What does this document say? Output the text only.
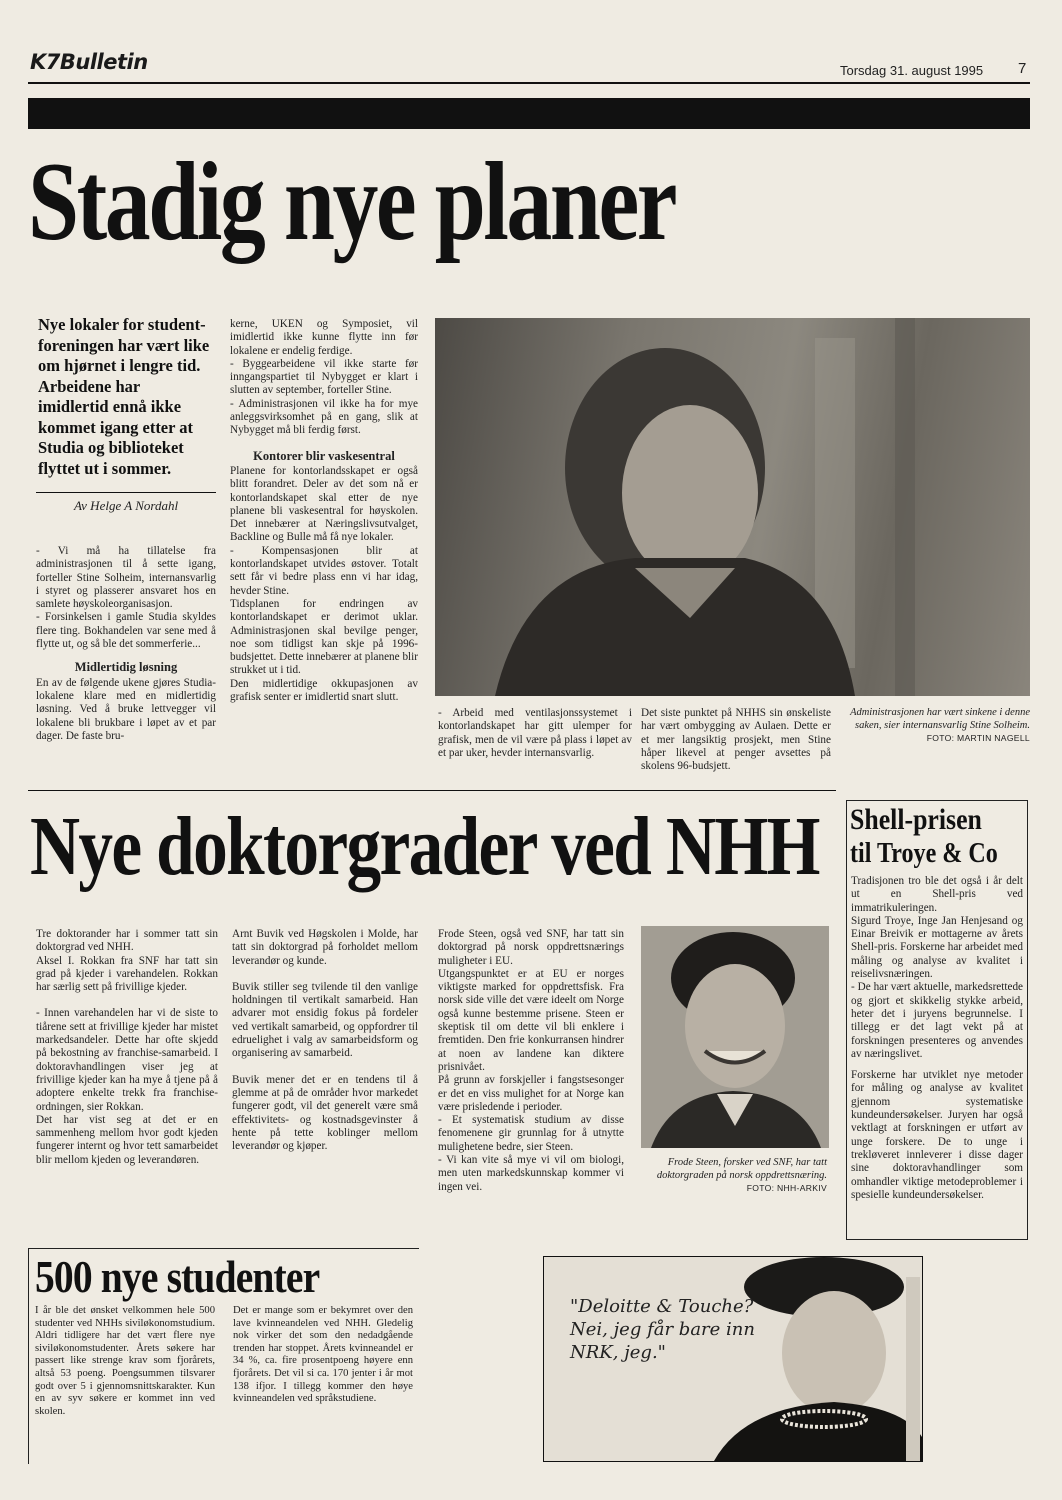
K7Bulletin	Torsdag 31. august 1995 7
Stadig nye planer
Nye lokaler for studentforeningen har vært like om hjørnet i lengre tid. Arbeidene har imidlertid ennå ikke kommet igang etter at Studia og biblioteket flyttet ut i sommer.
Av Helge A Nordahl

- Vi må ha tillatelse fra administrasjonen til å sette igang, forteller Stine Solheim, internansvarlig i styret og plasserer ansvaret hos en samlete høyskoleorganisasjon.

- Forsinkelsen i gamle Studia skyldes flere ting. Bokhandelen var sene med å flytte ut, og så ble det sommerferie...

Midlertidig løsning

En av de følgende ukene gjøres Studia-lokalene klare med en midlertidig løsning. Ved å bruke lettvegger vil lokalene bli brukbare i løpet av et par dager. De faste bru-

kerne, UKEN og Symposiet, vil imidlertid ikke kunne flytte inn før lokalene er endelig ferdige.

- Byggearbeidene vil ikke starte før inngangspartiet til Nybygget er klart i slutten av september, forteller Stine.

- Administrasjonen vil ikke ha for mye anleggsvirksomhet på en gang, slik at Nybygget må bli ferdig først.

Kontorer blir vaskesentral

Planene for kontorlandsskapet er også blitt forandret. Deler av det som nå er kontorlandskapet skal etter de nye planene bli vaskesentral for høyskolen. Det innebærer at Næringslivsutvalget, Backline og Bulle må få nye lokaler.

- Kompensasjonen blir at kontorlandskapet utvides østover. Totalt sett får vi bedre plass enn vi har idag, hevder Stine.

Tidsplanen for endringen av kontorlandskapet er derimot uklar. Administrasjonen skal bevilge penger, noe som tidligst kan skje på 1996-budsjettet. Dette innebærer at planene blir strukket ut i tid.

Den midlertidige okkupasjonen av grafisk senter er imidlertid snart slutt.

- Arbeid med ventilasjonssystemet i kontorlandskapet har gitt ulemper for grafisk, men de vil være på plass i løpet av et par uker, hevder internansvarlig.
Det siste punktet på NHHS sin ønskeliste har vært ombygging av Aulaen. Dette er et mer langsiktig prosjekt, men Stine håper likevel at penger avsettes på skolens 96-budsjett.
Administrasjonen har vært sinkene i denne saken, sier internansvarlig Stine Solheim.
FOTO: MARTIN NAGELL
Nye doktorgrader ved NHH

Tre doktorander har i sommer tatt sin doktorgrad ved NHH.

Aksel I. Rokkan fra SNF har tatt sin grad på kjeder i varehandelen. Rokkan har særlig sett på frivillige kjeder.

- Innen varehandelen har vi de siste to tiårene sett at frivillige kjeder har mistet markedsandeler. Dette har ofte skjedd på bekostning av franchise-samarbeid. I doktoravhandlingen viser jeg at frivillige kjeder kan ha mye å tjene på å adoptere enkelte trekk fra franchise-ordningen, sier Rokkan.

Det har vist seg at det er en sammenheng mellom hvor godt kjeden fungerer internt og hvor tett samarbeidet blir mellom kjeden og leverandøren.

Arnt Buvik ved Høgskolen i Molde, har tatt sin doktorgrad på forholdet mellom leverandør og kunde.

Buvik stiller seg tvilende til den vanlige holdningen til vertikalt samarbeid. Han advarer mot ensidig fokus på fordeler ved vertikalt samarbeid, og oppfordrer til edruelighet i valg av samarbeidsform og organisering av samarbeid.

Buvik mener det er en tendens til å glemme at på de områder hvor markedet fungerer godt, vil det generelt være små effektivitets- og kostnadsgevinster å hente på tette koblinger mellom leverandør og kjøper.

Frode Steen, også ved SNF, har tatt sin doktorgrad på norsk oppdrettsnærings muligheter i EU.

Utgangspunktet er at EU er norges viktigste marked for oppdrettsfisk. Fra norsk side ville det være ideelt om Norge også kunne bestemme prisene. Steen er skeptisk til om dette vil bli enklere i fremtiden. Den frie konkurransen hindrer at noen av landene kan diktere prisnivået.

På grunn av forskjeller i fangstsesonger er det en viss mulighet for at Norge kan være prisledende i perioder.

- Et systematisk studium av disse fenomenene gir grunnlag for å utnytte mulighetene bedre, sier Steen.

- Vi kan vite så mye vi vil om biologi, men uten markedskunnskap kommer vi ingen vei.

Frode Steen, forsker ved SNF, har tatt doktorgraden på norsk oppdrettsnæring.
FOTO: NHH-ARKIV
Shell-prisen
til Troye & Co

Tradisjonen tro ble det også i år delt ut en Shell-pris ved immatrikuleringen.

Sigurd Troye, Inge Jan Henjesand og Einar Breivik er mottagerne av årets Shell-pris. Forskerne har arbeidet med måling og analyse av kvalitet i reiselivsnæringen.

- De har vært aktuelle, markedsrettede og gjort et skikkelig stykke arbeid, heter det i juryens begrunnelse. I tillegg er det lagt vekt på at forskningen presenteres og anvendes av næringslivet.

Forskerne har utviklet nye metoder for måling og analyse av kvalitet gjennom systematiske kundeundersøkelser. Juryen har også vektlagt at forskningen er utført av unge forskere. De to unge i trekløveret innleverer i disse dager sine doktoravhandlinger som omhandler viktige metodeproblemer i spesielle kundeundersøkelser.

500 nye studenter
I år ble det ønsket velkommen hele 500 studenter ved NHHs siviløkonomstudium. Aldri tidligere har det vært flere nye siviløkonomstudenter. Årets søkere har passert like strenge krav som fjorårets, altså 53 poeng. Poengsummen tilsvarer godt over 5 i gjennomsnittskarakter. Kun en av syv søkere er kommet inn ved skolen.
Det er mange som er bekymret over den lave kvinneandelen ved NHH. Gledelig nok virker det som den nedadgående trenden har stoppet. Årets kvinneandel er 34 %, ca. fire prosentpoeng høyere enn fjorårets. Det vil si ca. 170 jenter i år mot 138 ifjor. I tillegg kommer den høye kvinneandelen ved språkstudiene.
"Deloitte & Touche?
Nei, jeg får bare inn
NRK, jeg."
